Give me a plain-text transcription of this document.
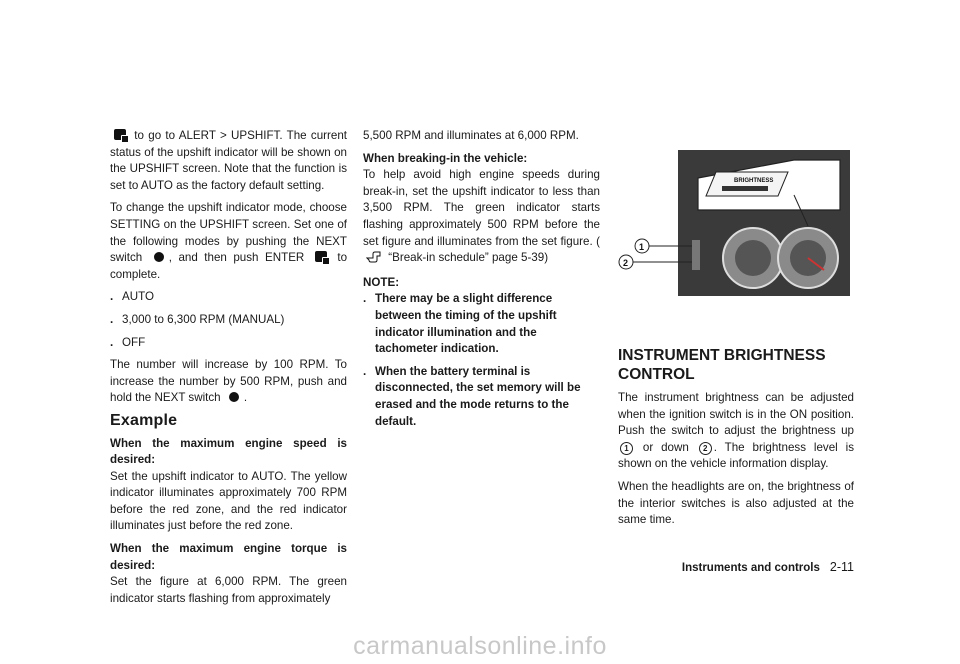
to go to ALERT > UPSHIFT. The current status of the upshift indicator will be shown on the UPSHIFT screen. Note that the function is set to AUTO as the factory default setting.

To change the upshift indicator mode, choose SETTING on the UPSHIFT screen. Set one of the following modes by pushing the NEXT switch , and then push ENTER	to complete.

. AUTO
. 3,000 to 6,300 RPM (MANUAL)
. OFF

The number will increase by 100 RPM. To increase the number by 500 RPM, push and hold the NEXT switch .

Example

When the maximum engine speed is desired:

Set the upshift indicator to AUTO. The yellow indicator illuminates approximately 700 RPM before the red zone, and the red indicator illuminates just before the red zone.

When the maximum engine torque is desired:

Set the figure at 6,000 RPM. The green indicator starts flashing from approximately

5,500 RPM and illuminates at 6,000 RPM.

When breaking-in the vehicle:

To help avoid high engine speeds during break-in, set the upshift indicator to less than 3,500 RPM. The green indicator starts flashing approximately 500 RPM before the set figure and illuminates from the set figure. (  “Break-in schedule” page 5-39)

NOTE:

. There may be a slight difference between the timing of the upshift indicator illumination and the tachometer indication.
. When the battery terminal is disconnected, the set memory will be erased and the mode returns to the default.
BRIGHTNESS
1
2
INSTRUMENT BRIGHTNESS CONTROL

The instrument brightness can be adjusted when the ignition switch is in the ON position. Push the switch to adjust the brightness up 1 or down 2 . The brightness level is shown on the vehicle information display.

When the headlights are on, the brightness of the interior switches is also adjusted at the same time.

Instruments and controls 2-11
carmanualsonline.info
